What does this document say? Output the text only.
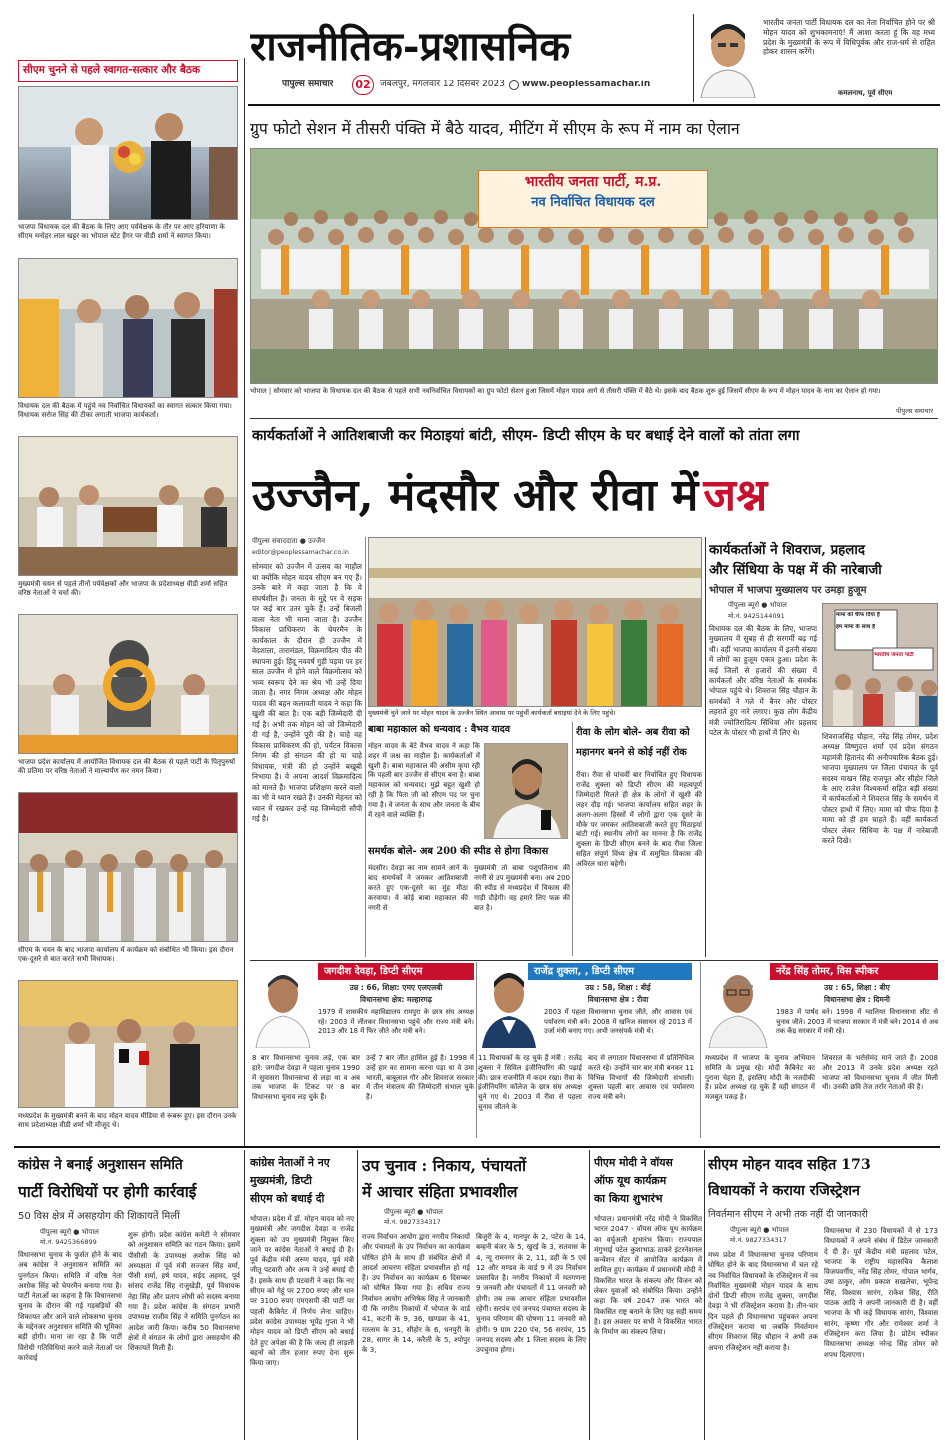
राजनीतिक-प्रशासनिक
पीपुल्स समाचार	02	जबलपुर, मंगलवार 12 दिसंबर 2023 www.peoplessamachar.in
भारतीय जनता पार्टी विधायक दल का नेता निर्वाचित होने पर श्री मोहन यादव को शुभकामनाएं! मैं आशा करता हूं कि वह मध्य प्रदेश के मुख्यमंत्री के रूप में विधिपूर्वक और राज-धर्म से राहित होकर शासन करेंगे।
कमलनाथ, पूर्व सीएम
सीएम चुनने से पहले स्वागत-सत्कार और बैठक
भाजपा विधायक दल की बैठक के लिए आए पर्यवेक्षक के तौर पर आए हरियाणा के सीएम मनोहर लाल खट्टर का भोपाल स्टेट हैंगर पर वीडी शर्मा ने स्वागत किया।
विधायक दल की बैठक में पहुंचे नव निर्वाचित विधायकों का स्वागत सत्कार किया गया। विधायक सरोज सिंह की टीका लगाती भाजपा कार्यकर्ता।
मुख्यमंत्री चयन से पहले तीनों पर्यवेक्षकों और भाजपा के प्रदेशाध्यक्ष वीडी शर्मा सहित वरिष्ठ नेताओं ने चर्चा की।
भाजपा प्रदेश कार्यालय में आयोजित विधायक दल की बैठक से पहले पार्टी के पितृपुरुषों की प्रतिमा पर वरिष्ठ नेताओं ने माल्यार्पण कर नमन किया।
सीएम के चयन के बाद भाजपा कार्यालय में कार्यक्रम को संबोधित भी किया। इस दौरान एक-दूसरे से बात करते सभी विधायक।
मध्यप्रदेश के मुख्यमंत्री बनने के बाद मोहन यादव मीडिया से रूबरू हुए। इस दौरान उनके साथ प्रदेशाध्यक्ष वीडी शर्मा भी मौजूद थे।
ग्रुप फोटो सेशन में तीसरी पंक्ति में बैठे यादव, मीटिंग में सीएम के रूप में नाम का ऐलान
भारतीय जनता पार्टी, म.प्र.
नव निर्वाचित विधायक दल
भोपाल | सोमवार को भाजपा के विधायक दल की बैठक से पहले सभी नवनिर्वाचित विधायकों का ग्रुप फोटो सेशन हुआ जिसमें मोहन यादव आगे से तीसरी पंक्ति में बैठे थे। इसके बाद बैठक शुरू हुई जिसमें सीएम के रूप में मोहन यादव के नाम का ऐलान हो गया।
पीपुल्स समाचार
कार्यकर्ताओं ने आतिशबाजी कर मिठाइयां बांटी, सीएम- डिप्टी सीएम के घर बधाई देने वालों को तांता लगा
उज्जैन, मंदसौर और रीवा में जश्न
पीपुल्स संवाददाता ● उज्जैन
editor@peoplessamachar.co.in
सोमवार को उज्जैन में उत्सव का माहौल था क्योंकि मोहन यादव सीएम बन गए हैं। उनके बारे में कहा जाता है कि वे संघर्षशील हैं। जनता के मुद्दे पर वे सड़क पर कई बार उतर चुके हैं। उन्हें बिजली वाला नेता भी माना जाता है। उज्जैन विकास प्राधिकरण के चेयरमैन के कार्यकाल के दौरान ही उज्जैन में वेदशाला, तारामंडल, विक्रमादित्य पीठ की स्थापना हुई। हिंदू नववर्ष गुड़ी पड़वा पर हर साल उज्जैन में होने वाले विक्रमोत्सव को भव्य स्वरूप देने का श्रेय भी उन्हें दिया जाता है। नगर निगम अध्यक्ष और मोहन यादव की बहन कलावती यादव ने कहा कि खुशी की बात है। एक बड़ी जिम्मेदारी दी गई है। अभी तक मोहन को जो जिम्मेदारी दी गई है, उन्होंने पूरी की है। चाहे वह विकास प्राधिकरण की हो, पर्यटन विकास निगम की हो संगठन की हो या चाहे विधायक, मंत्री की हो उन्होंने बखूबी निभाया है। वे अपना आदर्श विक्रमादित्य को मानते हैं। भाजपा प्रशिक्षण करने वालों का भी वे ध्यान रखते हैं। उनकी मेहनत को ध्यान में रखकर उन्हें यह जिम्मेदारी सौंपी गई है।
मुख्यमंत्री चुने जाने पर मोहन यादव के उज्जैन स्थित आवास पर पहुंचीं कार्यकर्ता बधाइयां देने के लिए पहुंचे।
बाबा महाकाल को धन्यवाद : वैभव यादव
मोहन यादव के बेटे वैभव यादव ने कहा कि शहर में जश्न का माहौल है। कार्यकर्ताओं में खुशी है। बाबा महाकाल की असीम कृपा रही कि पहली बार उज्जैन से सीएम बना है। बाबा महाकाल को धन्यवाद। मुझे बहुत खुशी हो रही है कि पिता जी को सीएम पद पर चुना गया है। वे जनता के साथ और जनता के बीच में रहने वाले व्यक्ति हैं।
रीवा के लोग बोले- अब रीवा को महानगर बनने से कोई नहीं रोक
रीवा। रीवा से पांचवीं बार निर्वाचित हुए विधायक राजेंद्र शुक्ला को डिप्टी सीएम की महत्वपूर्ण जिम्मेदारी मिलते ही क्षेत्र के लोगों में खुशी की लहर दौड़ गई। भाजपा कार्यालय सहित शहर के अलग-अलग हिस्सों में लोगों द्वारा एक दूसरे के मौके पर जमकर आतिशबाजी करते हुए मिठाइयां बांटी गईं। स्थानीय लोगों का मानना है कि राजेंद्र शुक्ला के डिप्टी सीएम बनने के बाद रीवा जिला सहित संपूर्ण विंध्य क्षेत्र में समुचित विकास की अविरल धारा बहेगी।
समर्थक बोले- अब 200 की स्पीड से होगा विकास
मंदसौर। देवड़ा का नाम सामने आने के बाद समर्थकों ने जमकर आतिशबाजी करते हुए एक-दूसरे का मुंह मीठा करवाया। वे कोई बाबा महाकाल की नगरी से
मुख्यमंत्री तो बाबा पशुपतिनाथ की नगरी से उप मुख्यमंत्री बना। अब 200 की स्पीड से मध्यप्रदेश में विकास की गाड़ी दौड़ेगी। वह हमारे लिए फक्र की बात है।
कार्यकर्ताओं ने शिवराज, प्रहलाद
और सिंधिया के पक्ष में की नारेबाजी
भोपाल में भाजपा मुख्यालय पर उमड़ा हुजूम
पीपुल्स ब्यूरो ● भोपाल
मो.नं. 9425144091
विधायक दल की बैठक के लिए, भाजपा मुख्यालय में सुबह से ही सरगर्मी बढ़ गई थी। वहीं भाजपा कार्यालय में इतनी संख्या में लोगों का हुजूम एकत्र हुआ। प्रदेश के कई जिलों से हजारों की संख्या में कार्यकर्ता और वरिष्ठ नेताओं के समर्थक भोपाल पहुंचे थे। शिवराज सिंह चौहान के समर्थकों ने गले में बैनर और पोस्टर लहराते हुए नारे लगाए। कुछ लोग केंद्रीय मंत्री ज्योतिरादित्य सिंधिया और प्रहलाद पटेल के पोस्टर भी हाथों में लिए थे।
मामा को चीफ दिया है
हम मामा के साथ हैं
भारतीय जनता पार्टी
शिवराजसिंह चौहान, नरेंद्र सिंह तोमर, प्रदेश अध्यक्ष विष्णुदत्त शर्मा एवं प्रदेश संगठन महामंत्री हितानंद की अनौपचारिक बैठक हुई। भाजपा मुख्यालय पर जिला पंचायत के पूर्व सदस्य माखन सिंह राजपूत और सीहोर जिले के आए राजेश विश्वकर्मा सहित बड़ी संख्या में कार्यकर्ताओं ने शिवराज सिंह के समर्थन में पोस्टर हाथों में लिए। मामा को चीफ दिया है मामा को ही हम चाहते हैं। वहीं कार्यकर्ता पोस्टर लेकर सिंधिया के पक्ष में नारेबाजी करते दिखे।
जगदीश देवड़ा, डिप्टी सीएम
उम्र : 66, शिक्षा: एमए एलएलबी
विधानसभा क्षेत्र: मल्हारगढ़
1979 में शासकीय महाविद्यालय रामपुरा के छात्र संघ अध्यक्ष रहे। 2003 में लीतकर विधानसभा पहुंचे और राज्य मंत्री बने। 2013 और 18 में फिर जीते और मंत्री बने।
राजेंद्र शुक्ला, , डिप्टी सीएम
उम्र : 58, शिक्षा : बीई
विधानसभा क्षेत्र : रीवा
2003 में पहला विधानसभा चुनाव जीते, और आवास एवं पर्यावरण मंत्री बने। 2008 में खनिज संसाधन रहे 2013 में उर्जा मंत्री बनाए गए। अभी जनसंपर्क मंत्री थे।
नरेंद्र सिंह तोमर, विस स्पीकर
उम्र : 65, शिक्षा : बीए
विधानसभा क्षेत्र : दिमनी
1983 में पार्षद बने। 1998 में ग्वालियर विधानसभा सीट से चुनाव जीते। 2003 में भाजपा सरकार में मंत्री बने। 2014 से अब तक केंद्र सरकार में मंत्री रहे।
8 बार विधानसभा चुनाव लड़े, एक बार हारे: जगदीश देवड़ा ने पहला चुनाव 1990 में सुवासरा विधानसभा से लड़ा था व अब तक भाजपा के टिकट पर 8 बार विधानसभा चुनाव लड़ चुके हैं।
उन्हें 7 बार जीत हासिल हुई है। 1998 में उन्हें हार का सामना करना पड़ा था वे उमा भारती, बाबूलाल गौर और शिवराज सरकार में तीन मंत्रालय की जिम्मेदारी संभाल चुके हैं।
11 विधायकों के रह चुके हैं मंत्री : राजेंद्र शुक्ला ने सिविल इंजीनियरिंग की पढ़ाई की। छात्र राजनीति में कदम रखा। रीवा के इंजीनियरिंग कॉलेज के छात्र संघ अध्यक्ष चुने गए थे। 2003 में रीवा से पहला चुनाव जीतने के
बाद से लगातार विधानसभा में प्रतिनिधित्व करते रहे। उन्होंने चार बार मंत्री बनकर 11 विभिन्न विभागों की जिम्मेदारी संभाली। शुक्ला पहली बार आवास एवं पर्यावरण राज्य मंत्री बने।
मध्यप्रदेश में भाजपा के चुनाव अभियान समिति के प्रमुख रहे। मोदी कैबिनेट का पुराना चेहरा हैं, इसलिए मोदी के नजदीकी हैं। प्रदेश अध्यक्ष रह चुके हैं वहीं संगठन में मजबूत पकड़ है।
शिवराज के भरोसेमंद माने जाते हैं। 2008 और 2013 में उनके प्रदेश अध्यक्ष रहते भाजपा को विधानसभा चुनाव में जीत मिली थी। उनकी छवि तेज तर्रार नेताओं की है।
कांग्रेस ने बनाई अनुशासन समिति
पार्टी विरोधियों पर होगी कार्रवाई
50 विस क्षेत्र में असहयोग की शिकायतें मिलीं
पीपुल्स ब्यूरो ● भोपाल
मो.नं. 9425366899
विधानसभा चुनाव के फुर्सत होने के बाद अब कांग्रेस ने अनुशासन समिति का पुनर्गठन किया। समिति में वरिष्ठ नेता अशोक सिंह को चेयरमैन बनाया गया है। पार्टी नेताओं का कहना है कि विधानसभा चुनाव के दौरान की गई गड़बड़ियों की शिकायत और आने वाले लोकसभा चुनाव के मद्देनजर अनुशासन समिति की भूमिका बड़ी होगी। माना जा रहा है कि पार्टी विरोधी गतिविधियां करने वाले नेताओं पर कार्रवाई
शुरू होगी। प्रदेश कांग्रेस कमेटी ने सोमवार को अनुशासन समिति का गठन किया। इसमें पीसीसी के उपाध्यक्ष अशोक सिंह को अध्यक्षता में पूर्व मंत्री सज्जन सिंह वर्मा, पीसी शर्मा, हर्ष यादव, सईद अहमद, पूर्व सांसद राजेंद्र सिंह राजुखेड़ी, पूर्व विधायक नेहा सिंह और प्रताप लोधी को सदस्य बनाया गया है। प्रदेश कांग्रेस के संगठन प्रभारी उपाध्यक्ष राजीव सिंह ने समिति पुनर्गठन का आदेश जारी किया। करीब 50 विधानसभा क्षेत्रों में संगठन के लोगों द्वारा असहयोग की शिकायतें मिली हैं।
कांग्रेस नेताओं ने नए
मुख्यमंत्री, डिप्टी
सीएम को बधाई दी
भोपाल। प्रदेश में डॉ. मोहन यादव को नए मुख्यमंत्री और जगदीश देवड़ा व राजेंद्र शुक्ला को उप मुख्यमंत्री नियुक्त किए जाने पर कांग्रेस नेताओं ने बधाई दी है। पूर्व केंद्रीय मंत्री अरुण यादव, पूर्व मंत्री जीतू पटवारी और अन्य ने उन्हें बधाई दी है। इसके साथ ही पटवारी ने कहा कि नए सीएम को गेहूं पर 2700 रुपए और धान पर 3100 रुपए एमएसपी की पार्टी पर पहली कैबिनेट में निर्णय लेना चाहिए। प्रदेश कांग्रेस उपाध्यक्ष भूपेंद्र गुप्ता ने भी मोहन यादव को डिप्टी सीएम को बधाई देते हुए अपेक्षा की है कि जल्द ही लाड़ली बहनों को तीन हजार रुपए देना शुरू किया जाए।
उप चुनाव : निकाय, पंचायतों
में आचार संहिता प्रभावशील
पीपुल्स ब्यूरो ● भोपाल
मो.नं. 9827334317
राज्य निर्वाचन आयोग द्वारा नगरीय निकायों और पंचायतों के उप निर्वाचन का कार्यक्रम घोषित होने के साथ ही संबंधित क्षेत्रों में आदर्श आचरण संहिता प्रभावशील हो गई है। उप निर्वाचन का कार्यक्रम 6 दिसम्बर को घोषित किया गया है। सचिव राज्य निर्वाचन आयोग अभिषेक सिंह ने जानकारी दी कि नगरीय निकायों में भोपाल के वार्ड 41, कटनी के 9, 36, खण्डवा के 41, रतलाम के 31, सीहोर के 6, धनपुरी के 28, सागर के 14, करैली के 5, श्योपुर के 3,
बिजुरी के 4, मानपुर के 2, पटेरा के 14, बम्हनी बंजर के 5, खुरई के 3, सतवास के 4, न्यू रामनगर के 2, 11, डही के 5 एवं 12 और मण्डव के वार्ड 9 में उप निर्वाचन प्रस्तावित है। नगरीय निकायों में मतगणना 9 जनवरी और पंचायतों में 11 जनवरी को होगी। तब तक आचार संहिता प्रभावशील रहेगी। सरपंच एवं जनपद पंचायत सदस्य के चुनाव परिणाम की घोषणा 11 जनवरी को होगी। 9 ग्राम 220 पंच, 56 सरपंच, 15 जनपद सदस्य और 1 जिला सदस्य के लिए उपचुनाव होगा।
पीएम मोदी ने वॉयस
ऑफ यूथ कार्यक्रम
का किया शुभारंभ
भोपाल। प्रधानमंत्री नरेंद्र मोदी ने विकसित भारत 2047 - वॉयस ऑफ यूथ कार्यक्रम का वर्चुअली शुभारंभ किया। राज्यपाल मंगुभाई पटेल कुशाभाऊ ठाकरे इंटरनेशनल कन्वेंशन सेंटर में आयोजित कार्यक्रम में शामिल हुए। कार्यक्रम में प्रधानमंत्री मोदी ने विकसित भारत के संकल्प और विजन को लेकर युवाओं को संबोधित किया। उन्होंने कहा कि वर्ष 2047 तक भारत को विकसित राष्ट्र बनाने के लिए यह सही समय है। इस अवसर पर सभी ने विकसित भारत के निर्माण का संकल्प लिया।
सीएम मोहन यादव सहित 173
विधायकों ने कराया रजिस्ट्रेशन
निवर्तमान सीएम ने अभी तक नहीं दी जानकारी
पीपुल्स ब्यूरो ● भोपाल
मो.नं. 9827334317
मध्य प्रदेश में विधानसभा चुनाव परिणाम घोषित होने के बाद विधानसभा में चल रहे नव निर्वाचित विधायकों के रजिस्ट्रेशन में नव निर्वाचित मुख्यमंत्री मोहन यादव के साथ दोनों डिप्टी सीएम राजेंद्र शुक्ला, जगदीश देवड़ा ने भी रजिस्ट्रेशन कराया है। तीन-चार दिन पहले ही विधानसभा पहुंचकर अपना रजिस्ट्रेशन कराया था जबकि निवर्तमान सीएम शिवराज सिंह चौहान ने अभी तक अपना रजिस्ट्रेशन नहीं कराया है।
विधानसभा में 230 विधायकों में से 173 विधायकों ने अपने संबंध में डिटेल जानकारी दे दी है। पूर्व केंद्रीय मंत्री प्रहलाद पटेल, भाजपा के राष्ट्रीय महासचिव कैलाश विजयवर्गीय, नरेंद्र सिंह तोमर, गोपाल भार्गव, उषा ठाकुर, ओम प्रकाश सखलेचा, भूपेन्द्र सिंह, विश्वास सारंग, राकेश सिंह, रीति पाठक आदि ने अपनी जानकारी दी है। वहीं भाजपा के भी कई विधायक सारंग, विश्वास सारंग, कृष्णा गौर और रामेश्वर शर्मा ने रजिस्ट्रेशन करा लिया है। प्रोटेम स्पीकर विधानसभा अध्यक्ष नरेन्द्र सिंह तोमर को शपथ दिलाएगा।
